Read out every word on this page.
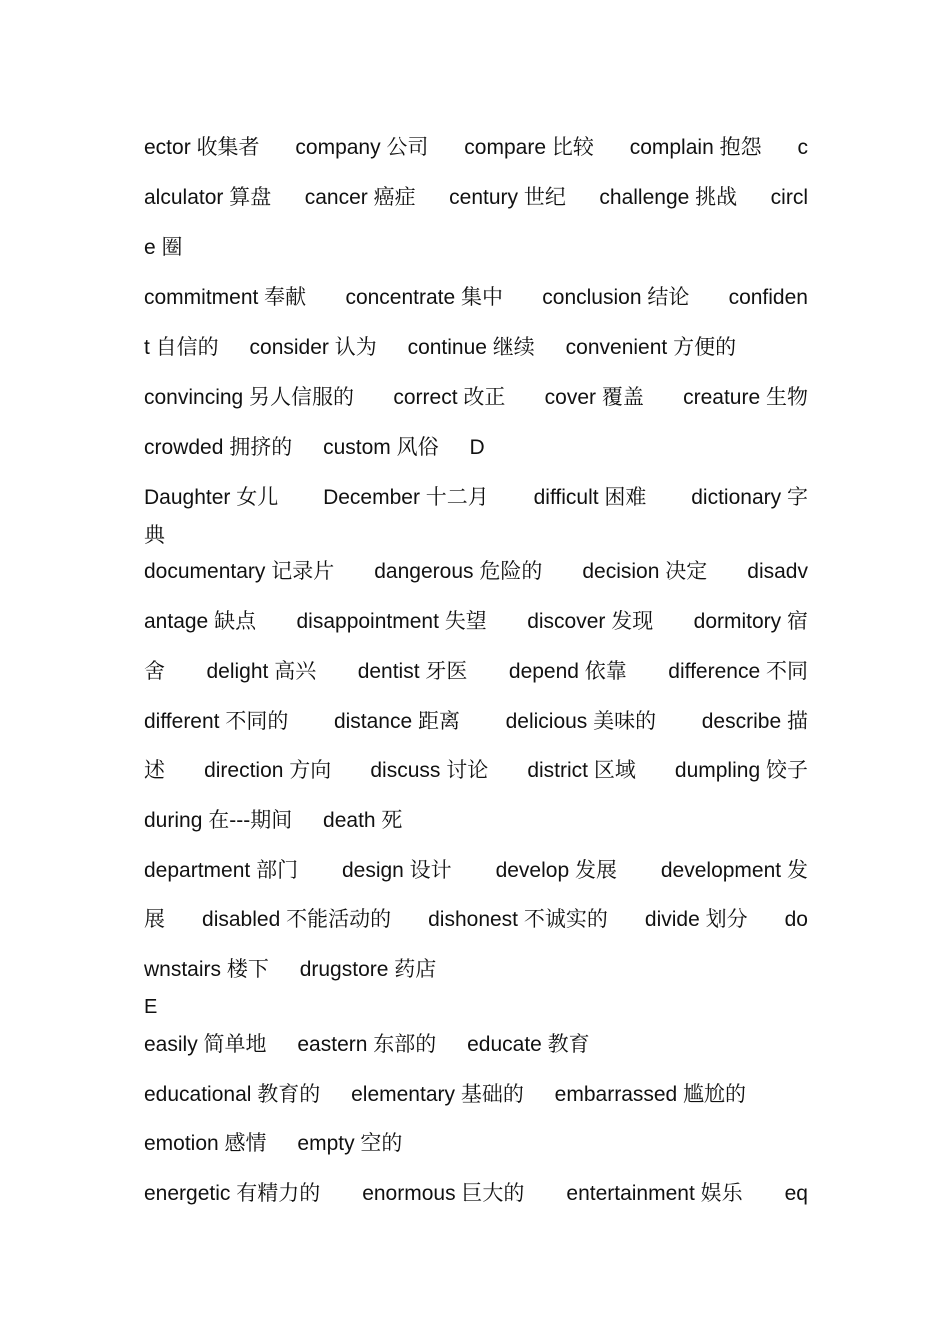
ector 收集者 company 公司 compare 比较 complain 抱怨 c
alculator 算盘 cancer 癌症 century 世纪 challenge 挑战 circl
e 圈
commitment 奉献 concentrate 集中 conclusion 结论 confiden
t 自信的 consider 认为 continue 继续 convenient 方便的
convincing 另人信服的 correct 改正 cover 覆盖 creature 生物
crowded 拥挤的 custom 风俗 D
Daughter 女儿 December 十二月 difficult 困难 dictionary 字
典
documentary 记录片 dangerous 危险的 decision 决定 disadv
antage 缺点 disappointment 失望 discover 发现 dormitory 宿
舍 delight 高兴 dentist 牙医 depend 依靠 difference 不同
different 不同的 distance 距离 delicious 美味的 describe 描
述 direction 方向 discuss 讨论 district 区域 dumpling 饺子
during 在---期间 death 死
department 部门 design 设计 develop 发展 development 发
展 disabled 不能活动的 dishonest 不诚实的 divide 划分 do
wnstairs 楼下 drugstore 药店
E
easily 简单地 eastern 东部的 educate 教育
educational 教育的 elementary 基础的 embarrassed 尴尬的
emotion 感情 empty 空的
energetic 有精力的 enormous 巨大的 entertainment 娱乐 eq
